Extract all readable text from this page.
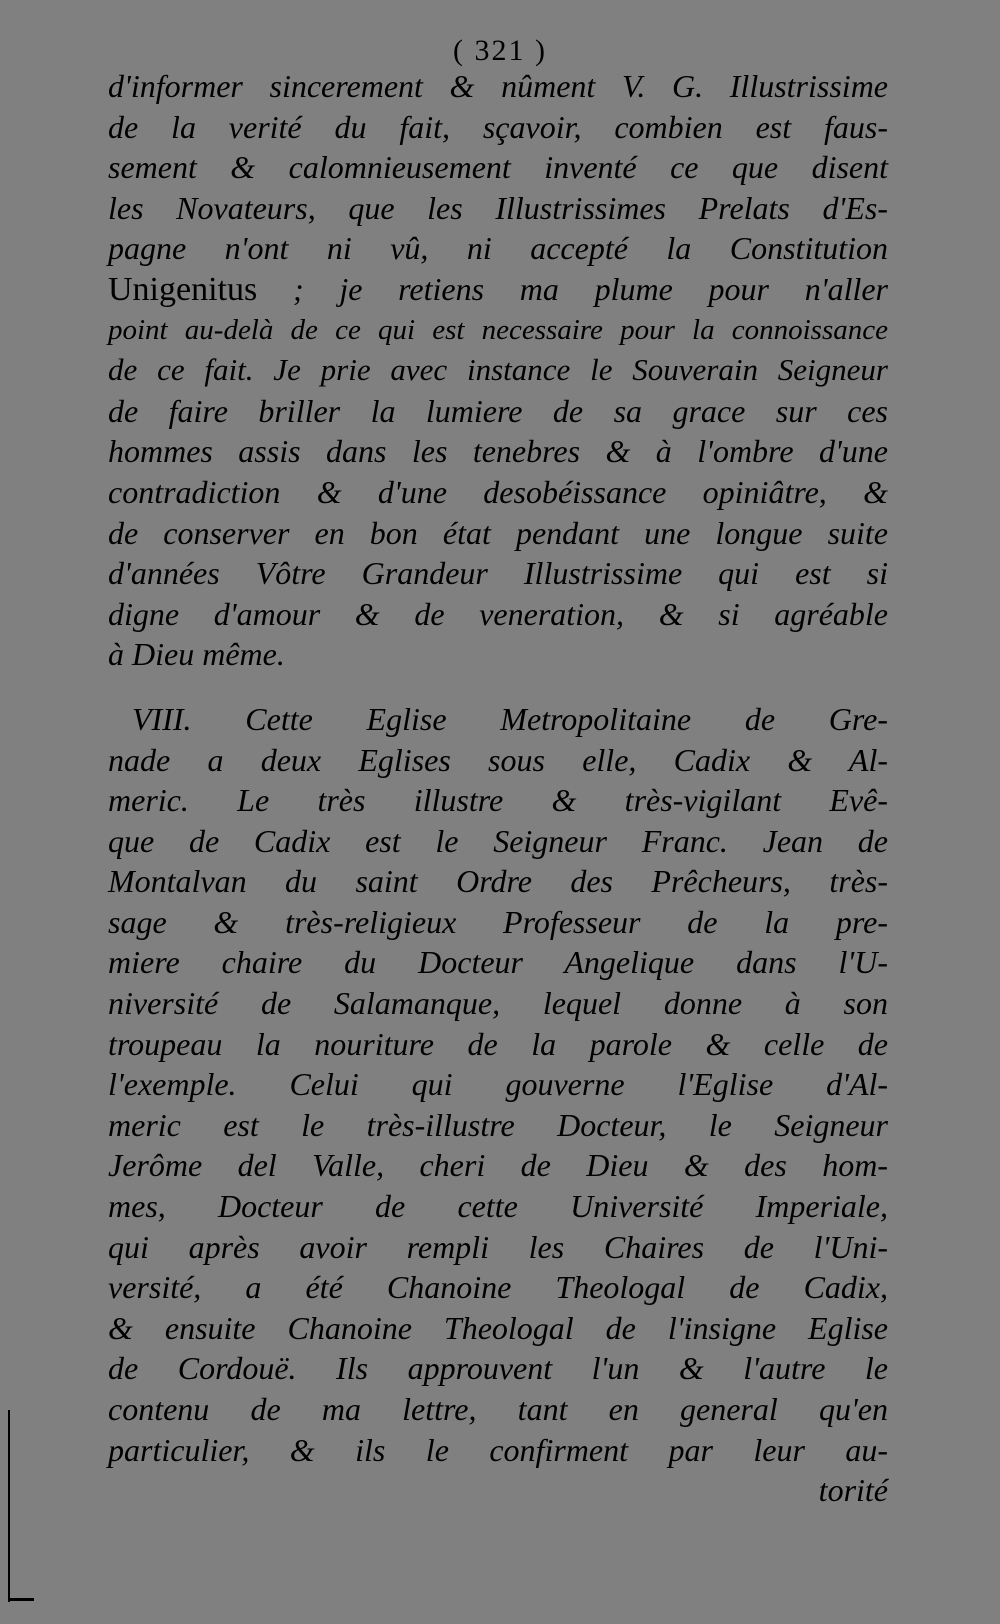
( 321 )
d'informer sincerement & nûment V. G. Illustrissime
de la verité du fait, sçavoir, combien est faus-
sement & calomnieusement inventé ce que disent
les Novateurs, que les Illustrissimes Prelats d'Es-
pagne n'ont ni vû, ni accepté la Constitution
Unigenitus ; je retiens ma plume pour n'aller
point au-delà de ce qui est necessaire pour la connoissance
de ce fait. Je prie avec instance le Souverain Seigneur
de faire briller la lumiere de sa grace sur ces
hommes assis dans les tenebres & à l'ombre d'une
contradiction & d'une desobéissance opiniâtre, &
de conserver en bon état pendant une longue suite
d'années Vôtre Grandeur Illustrissime qui est si
digne d'amour & de veneration, & si agréable
à Dieu même.
VIII. Cette Eglise Metropolitaine de Gre-
nade a deux Eglises sous elle, Cadix & Al-
meric. Le très illustre & très-vigilant Evê-
que de Cadix est le Seigneur Franc. Jean de
Montalvan du saint Ordre des Prêcheurs, très-
sage & très-religieux Professeur de la pre-
miere chaire du Docteur Angelique dans l'U-
niversité de Salamanque, lequel donne à son
troupeau la nouriture de la parole & celle de
l'exemple. Celui qui gouverne l'Eglise d'Al-
meric est le très-illustre Docteur, le Seigneur
Jerôme del Valle, cheri de Dieu & des hom-
mes, Docteur de cette Université Imperiale,
qui après avoir rempli les Chaires de l'Uni-
versité, a été Chanoine Theologal de Cadix,
& ensuite Chanoine Theologal de l'insigne Eglise
de Cordouë. Ils approuvent l'un & l'autre le
contenu de ma lettre, tant en general qu'en
particulier, & ils le confirment par leur au-
torité
